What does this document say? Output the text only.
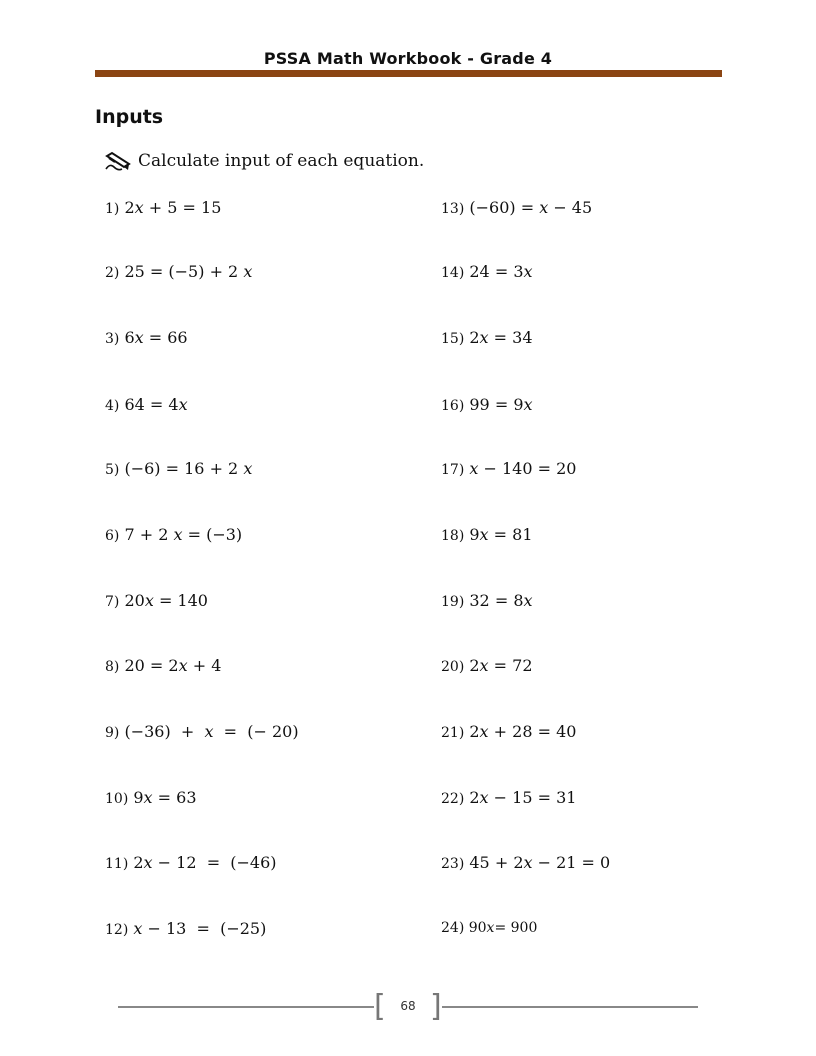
PSSA Math Workbook - Grade 4
Inputs
Calculate input of each equation.
1) 2𝑥 + 5 = 15
2) 25 = (−5) + 2 𝑥
3) 6𝑥 = 66
4) 64 = 4𝑥
5) (−6) = 16 + 2 𝑥
6) 7 + 2 𝑥 = (−3)
7) 20𝑥 = 140
8) 20 = 2𝑥 + 4
9) (−36)  +  𝑥  =  (− 20)
10) 9𝑥 = 63
11) 2𝑥 − 12  =  (−46)
12) 𝑥 − 13  =  (−25)
13) (−60) = 𝑥 − 45
14) 24 = 3𝑥
15) 2𝑥 = 34
16) 99 = 9𝑥
17) 𝑥 − 140 = 20
18) 9𝑥 = 81
19) 32 = 8𝑥
20) 2𝑥 = 72
21) 2𝑥 + 28 = 40
22) 2𝑥 − 15 = 31
23) 45 + 2𝑥 − 21 = 0
24) 90𝑥= 900
[	68 ]
